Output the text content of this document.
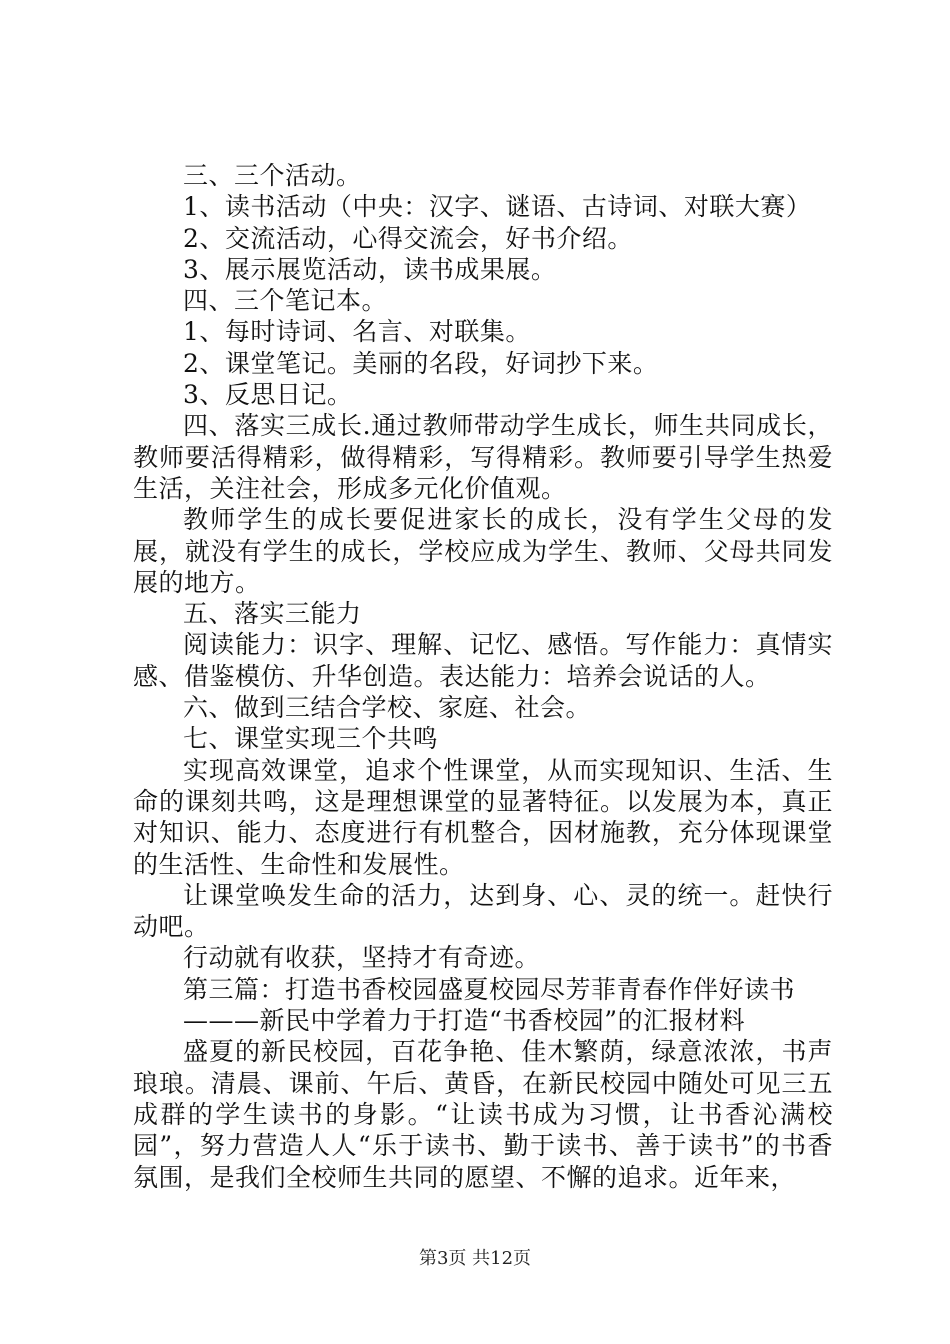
三、三个活动。

1、读书活动（中央：汉字、谜语、古诗词、对联大赛）

2、交流活动，心得交流会，好书介绍。

3、展示展览活动，读书成果展。

四、三个笔记本。

1、每时诗词、名言、对联集。

2、课堂笔记。美丽的名段，好词抄下来。

3、反思日记。

四、落实三成长.通过教师带动学生成长，师生共同成长，教师要活得精彩，做得精彩，写得精彩。教师要引导学生热爱生活，关注社会，形成多元化价值观。

教师学生的成长要促进家长的成长，没有学生父母的发展，就没有学生的成长，学校应成为学生、教师、父母共同发展的地方。

五、落实三能力

阅读能力：识字、理解、记忆、感悟。写作能力：真情实感、借鉴模仿、升华创造。表达能力：培养会说话的人。

六、做到三结合学校、家庭、社会。

七、课堂实现三个共鸣

实现高效课堂，追求个性课堂，从而实现知识、生活、生命的课刻共鸣，这是理想课堂的显著特征。以发展为本，真正对知识、能力、态度进行有机整合，因材施教，充分体现课堂的生活性、生命性和发展性。

让课堂唤发生命的活力，达到身、心、灵的统一。赶快行动吧。

行动就有收获，坚持才有奇迹。

第三篇：打造书香校园盛夏校园尽芳菲青春作伴好读书

———新民中学着力于打造“书香校园”的汇报材料

盛夏的新民校园，百花争艳、佳木繁荫，绿意浓浓，书声琅琅。清晨、课前、午后、黄昏，在新民校园中随处可见三五成群的学生读书的身影。“让读书成为习惯，让书香沁满校园”，努力营造人人“乐于读书、勤于读书、善于读书”的书香氛围，是我们全校师生共同的愿望、不懈的追求。近年来，

第3页 共12页
